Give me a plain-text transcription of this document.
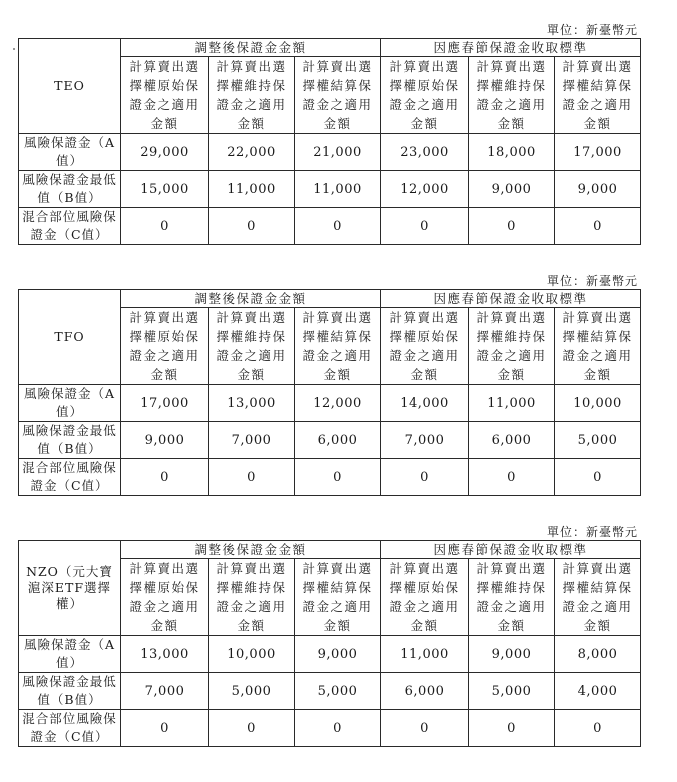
單位：新臺幣元
TEO	調整後保證金金額			因應春節保證金收取標準		
	計算賣出選擇權原始保證金之適用金額	計算賣出選擇權維持保證金之適用金額	計算賣出選擇權結算保證金之適用金額	計算賣出選擇權原始保證金之適用金額	計算賣出選擇權維持保證金之適用金額	計算賣出選擇權結算保證金之適用金額
風險保證金（A值）	29,000	22,000	21,000	23,000	18,000	17,000
風險保證金最低值（B值）	15,000	11,000	11,000	12,000	9,000	9,000
混合部位風險保證金（C值）	0	0	0	0	0	0
單位：新臺幣元
TFO	調整後保證金金額			因應春節保證金收取標準		
	計算賣出選擇權原始保證金之適用金額	計算賣出選擇權維持保證金之適用金額	計算賣出選擇權結算保證金之適用金額	計算賣出選擇權原始保證金之適用金額	計算賣出選擇權維持保證金之適用金額	計算賣出選擇權結算保證金之適用金額
風險保證金（A值）	17,000	13,000	12,000	14,000	11,000	10,000
風險保證金最低值（B值）	9,000	7,000	6,000	7,000	6,000	5,000
混合部位風險保證金（C值）	0	0	0	0	0	0
單位：新臺幣元
NZO（元大寶滬深ETF選擇權）	調整後保證金金額			因應春節保證金收取標準		
	計算賣出選擇權原始保證金之適用金額	計算賣出選擇權維持保證金之適用金額	計算賣出選擇權結算保證金之適用金額	計算賣出選擇權原始保證金之適用金額	計算賣出選擇權維持保證金之適用金額	計算賣出選擇權結算保證金之適用金額
風險保證金（A值）	13,000	10,000	9,000	11,000	9,000	8,000
風險保證金最低值（B值）	7,000	5,000	5,000	6,000	5,000	4,000
混合部位風險保證金（C值）	0	0	0	0	0	0
